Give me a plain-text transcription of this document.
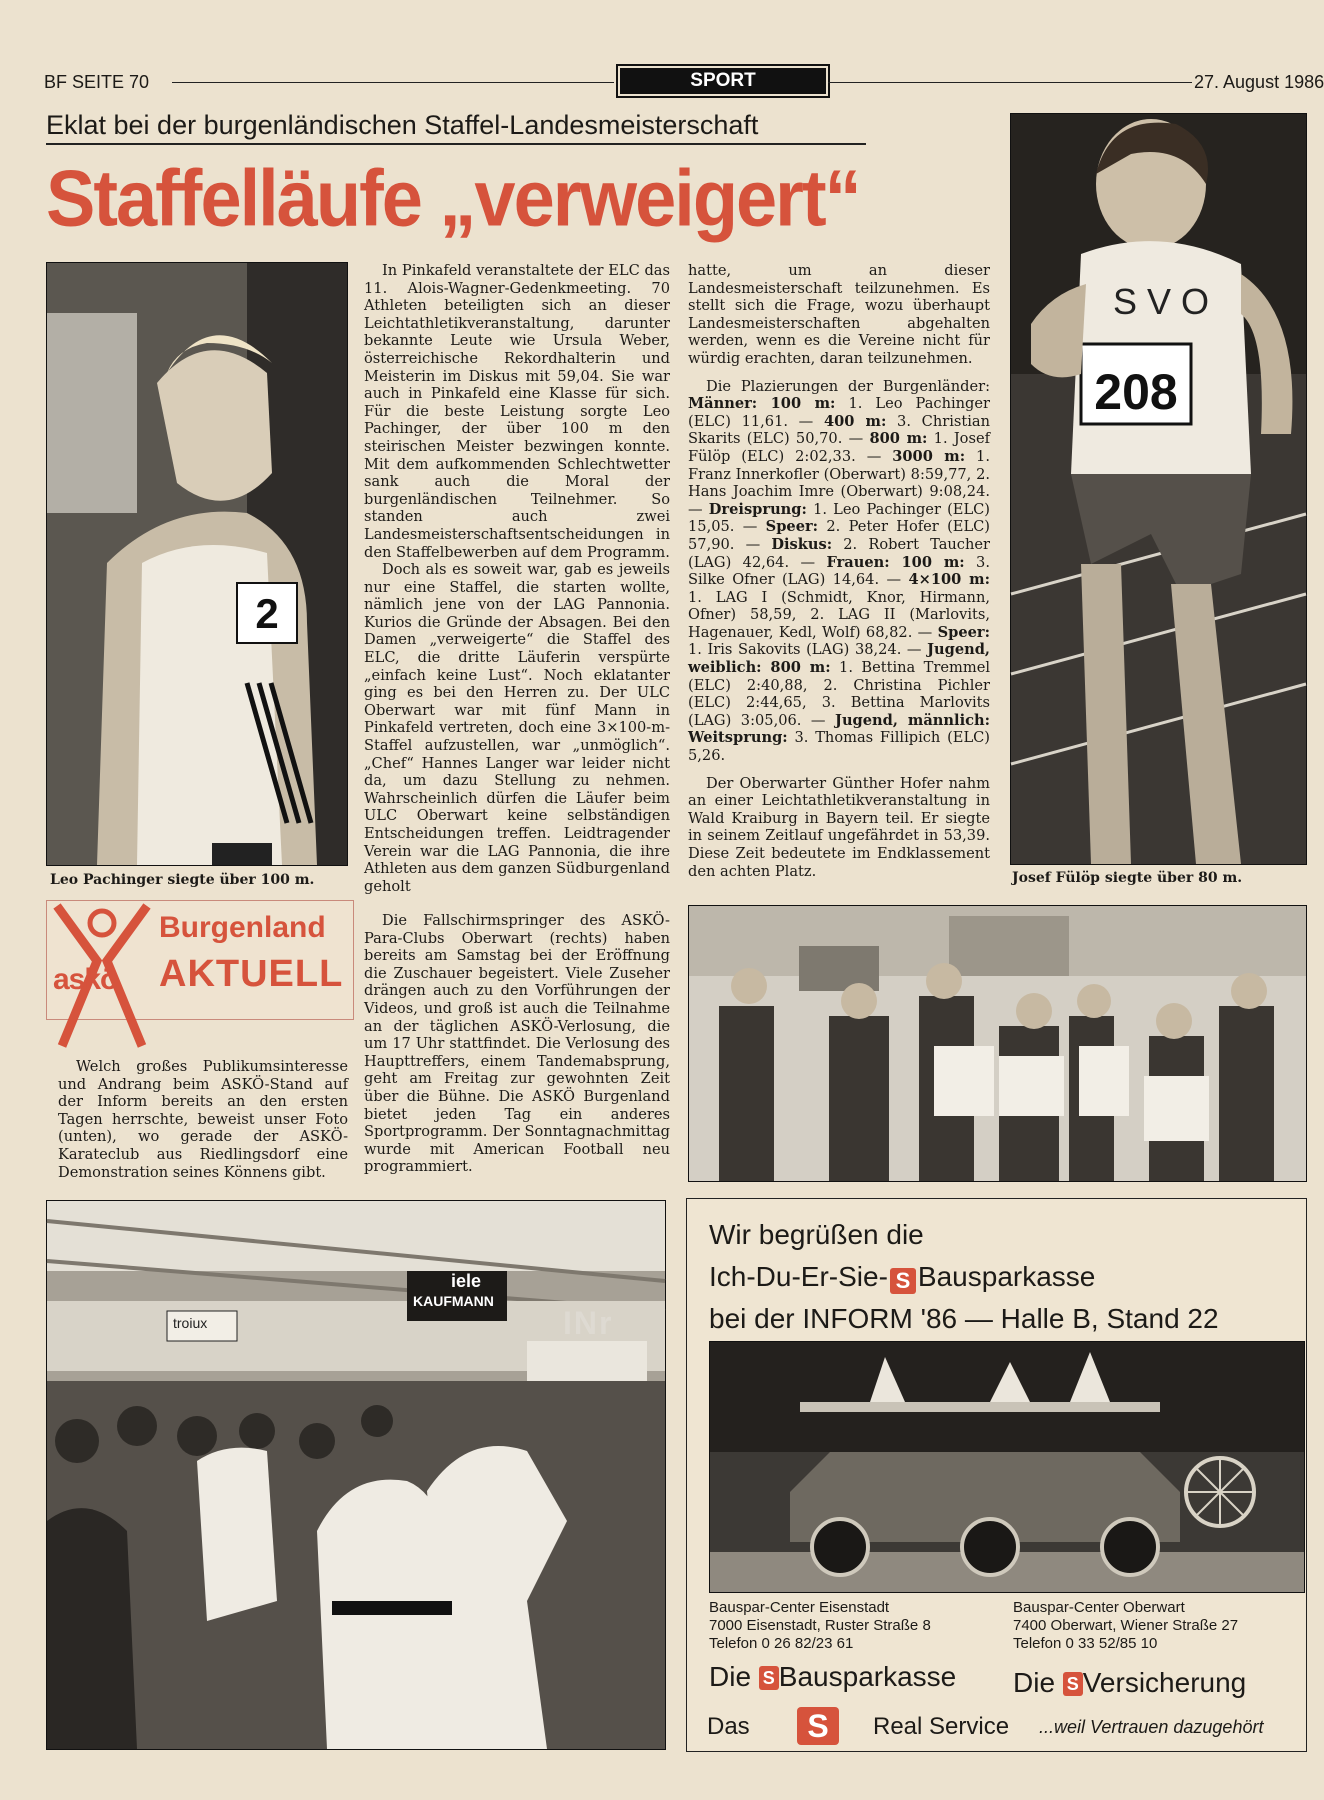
BF SEITE 70	SPORT	27. August 1986
Eklat bei der burgenländischen Staffel-Landesmeisterschaft
Staffelläufe „verweigert“
2
Leo Pachinger siegte über 100 m.

In Pinkafeld veranstaltete der ELC das 11. Alois-Wagner-Gedenkmeeting. 70 Athleten beteiligten sich an dieser Leichtathletikveranstaltung, darunter bekannte Leute wie Ursula Weber, österreichische Rekordhalterin und Meisterin im Diskus mit 59,04. Sie war auch in Pinkafeld eine Klasse für sich. Für die beste Leistung sorgte Leo Pachinger, der über 100 m den steirischen Meister bezwingen konnte. Mit dem aufkommenden Schlechtwetter sank auch die Moral der burgenländischen Teilnehmer. So standen auch zwei Landesmeisterschaftsentscheidungen in den Staffelbewerben auf dem Programm.

Doch als es soweit war, gab es jeweils nur eine Staffel, die starten wollte, nämlich jene von der LAG Pannonia. Kurios die Gründe der Absagen. Bei den Damen „verweigerte“ die Staffel des ELC, die dritte Läuferin verspürte „einfach keine Lust“. Noch eklatanter ging es bei den Herren zu. Der ULC Oberwart war mit fünf Mann in Pinkafeld vertreten, doch eine 3×100-m-Staffel aufzustellen, war „unmöglich“. „Chef“ Hannes Langer war leider nicht da, um dazu Stellung zu nehmen. Wahrscheinlich dürfen die Läufer beim ULC Oberwart keine selbständigen Entscheidungen treffen. Leidtragender Verein war die LAG Pannonia, die ihre Athleten aus dem ganzen Südburgenland geholt

hatte, um an dieser Landesmeisterschaft teilzunehmen. Es stellt sich die Frage, wozu überhaupt Landesmeisterschaften abgehalten werden, wenn es die Vereine nicht für würdig erachten, daran teilzunehmen.

Die Plazierungen der Burgenländer: Männer: 100 m: 1. Leo Pachinger (ELC) 11,61. — 400 m: 3. Christian Skarits (ELC) 50,70. — 800 m: 1. Josef Fülöp (ELC) 2:02,33. — 3000 m: 1. Franz Innerkofler (Oberwart) 8:59,77, 2. Hans Joachim Imre (Oberwart) 9:08,24. — Dreisprung: 1. Leo Pachinger (ELC) 15,05. — Speer: 2. Peter Hofer (ELC) 57,90. — Diskus: 2. Robert Taucher (LAG) 42,64. — Frauen: 100 m: 3. Silke Ofner (LAG) 14,64. — 4×100 m: 1. LAG I (Schmidt, Knor, Hirmann, Ofner) 58,59, 2. LAG II (Marlovits, Hagenauer, Kedl, Wolf) 68,82. — Speer: 1. Iris Sakovits (LAG) 38,24. — Jugend, weiblich: 800 m: 1. Bettina Tremmel (ELC) 2:40,88, 2. Christina Pichler (ELC) 2:44,65, 3. Bettina Marlovits (LAG) 3:05,06. — Jugend, männlich: Weitsprung: 3. Thomas Fillipich (ELC) 5,26.

Der Oberwarter Günther Hofer nahm an einer Leichtathletikveranstaltung in Wald Kraiburg in Bayern teil. Er siegte in seinem Zeitlauf ungefährdet in 53,39. Diese Zeit bedeutete im Endklassement den achten Platz.

208
S V O
Josef Fülöp siegte über 80 m.
askö
Burgenland
AKTUELL

Welch großes Publikumsinteresse und Andrang beim ASKÖ-Stand auf der Inform bereits an den ersten Tagen herrschte, beweist unser Foto (unten), wo gerade der ASKÖ-Karateclub aus Riedlingsdorf eine Demonstration seines Könnens gibt.

Die Fallschirmspringer des ASKÖ-Para-Clubs Oberwart (rechts) haben bereits am Samstag bei der Eröffnung die Zuschauer begeistert. Viele Zuseher drängen auch zu den Vorführungen der Videos, und groß ist auch die Teilnahme an der täglichen ASKÖ-Verlosung, die um 17 Uhr stattfindet. Die Verlosung des Haupttreffers, einem Tandemabsprung, geht am Freitag zur gewohnten Zeit über die Bühne. Die ASKÖ Burgenland bietet jeden Tag ein anderes Sportprogramm. Der Sonntagnachmittag wurde mit American Football neu programmiert.

iele
KAUFMANN
troiux	INr
Wir begrüßen die
Ich-Du-Er-Sie- S Bausparkasse
bei der INFORM '86 — Halle B, Stand 22
Bauspar-Center Eisenstadt
7000 Eisenstadt, Ruster Straße 8
Telefon 0 26 82/23 61
Bauspar-Center Oberwart
7400 Oberwart, Wiener Straße 27
Telefon 0 33 52/85 10
Die S Bausparkasse Die S Versicherung
Das	S	Real Service ...weil Vertrauen dazugehört
